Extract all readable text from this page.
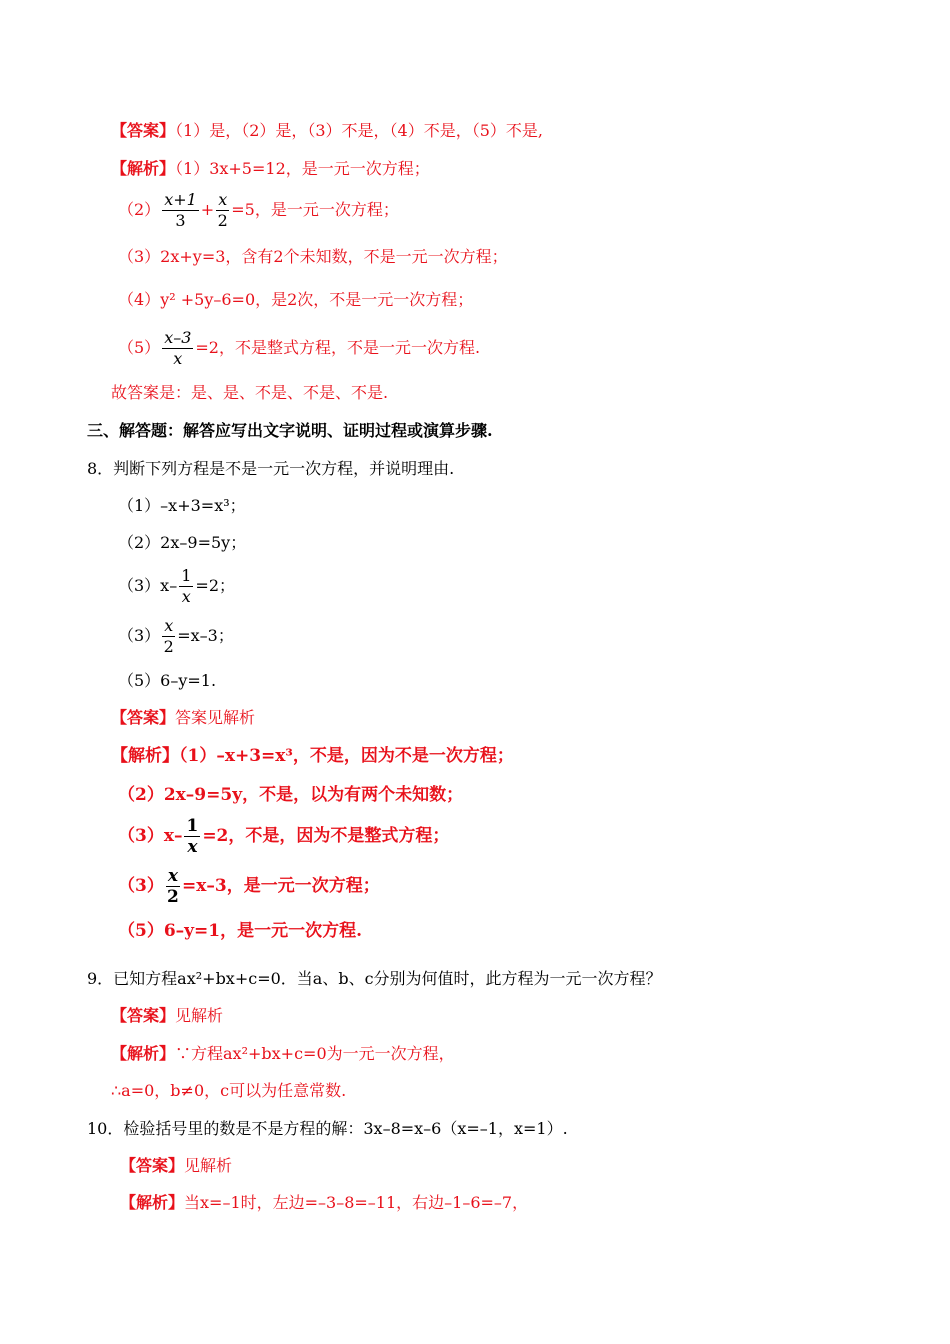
【答案】（1）是，（2）是，（3）不是，（4）不是，（5）不是,
【解析】（1）3x+5=12，是一元一次方程；
$(2) \frac{x+1}{3} + \frac{x}{2} =5$，是一元一次方程；
（3）2x+y=3，含有2个未知数，不是一元一次方程；
（4）y² +5y–6=0，是2次，不是一元一次方程；
$(5) \frac{x-3}{x} =2$，不是整式方程，不是一元一次方程.
故答案是：是、是、不是、不是、不是.
三、解答题：解答应写出文字说明、证明过程或演算步骤.
8．判断下列方程是不是一元一次方程，并说明理由.
（1）–x+3=x³；
（2）2x–9=5y；
$(3)x- \frac{1}{x} =2$；
$(3) \frac{x}{2} =x-3$；
（5）6–y=1.
【答案】答案见解析
【解析】（1）–x+3=x³，不是，因为不是一次方程；
（2）2x–9=5y，不是，以为有两个未知数；
$(3)x- \frac{1}{x} =2$，不是，因为不是整式方程；
$(3) \frac{x}{2} =x-3$，是一元一次方程；
（5）6–y=1，是一元一次方程.
9．已知方程ax²+bx+c=0．当a、b、c分别为何值时，此方程为一元一次方程？
【答案】见解析
【解析】∵方程ax²+bx+c=0为一元一次方程，
∴a=0，b≠0，c可以为任意常数.
10．检验括号里的数是不是方程的解：3x–8=x–6（x=–1，x=1）.
【答案】见解析
【解析】当x=–1时，左边=–3–8=–11，右边–1–6=–7，
